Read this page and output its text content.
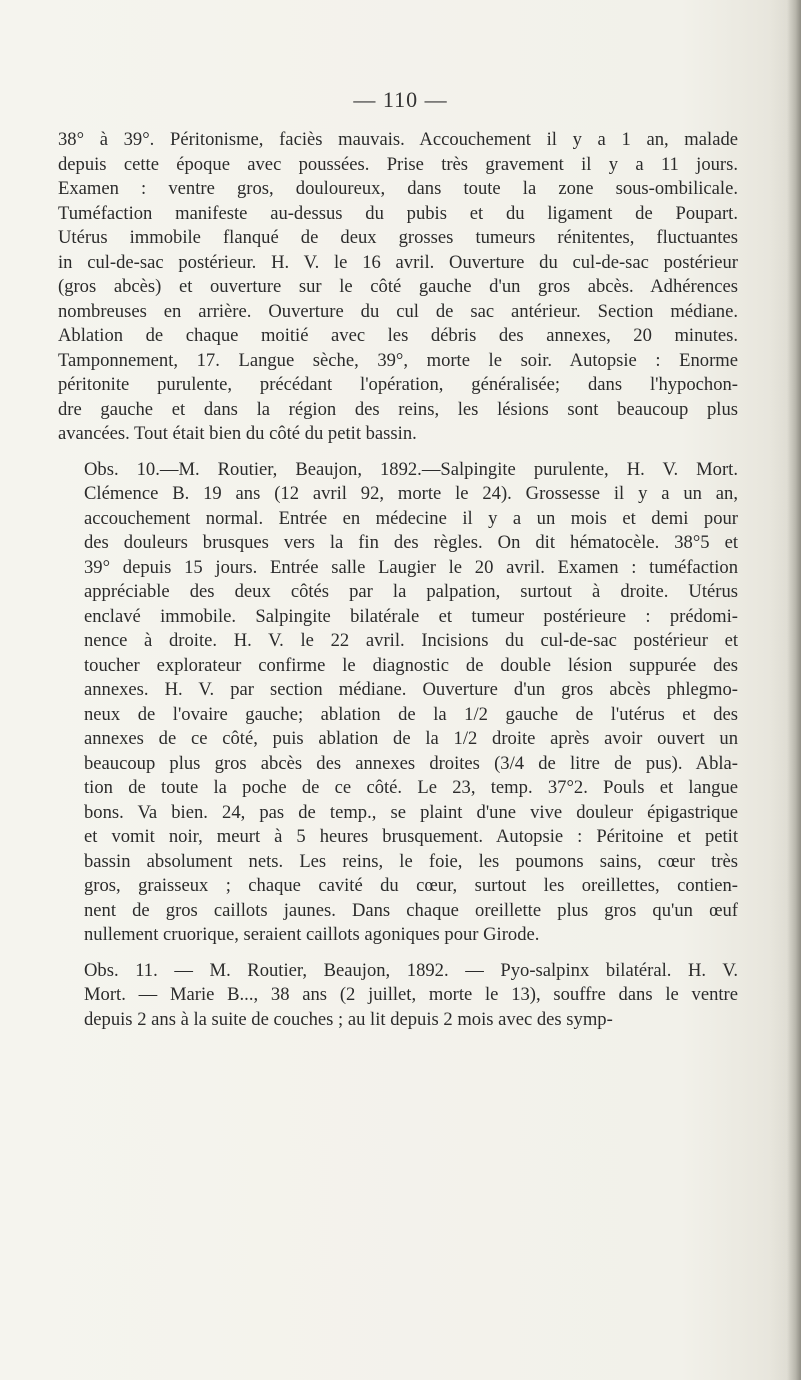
— 110 —
38° à 39°. Péritonisme, faciès mauvais. Accouchement il y a 1 an, malade
depuis cette époque avec poussées. Prise très gravement il y a 11 jours.
Examen : ventre gros, douloureux, dans toute la zone sous-ombilicale.
Tuméfaction manifeste au-dessus du pubis et du ligament de Poupart.
Utérus immobile flanqué de deux grosses tumeurs rénitentes, fluctuantes
in cul-de-sac postérieur. H. V. le 16 avril. Ouverture du cul-de-sac postérieur
(gros abcès) et ouverture sur le côté gauche d'un gros abcès. Adhérences
nombreuses en arrière. Ouverture du cul de sac antérieur. Section médiane.
Ablation de chaque moitié avec les débris des annexes, 20 minutes.
Tamponnement, 17. Langue sèche, 39°, morte le soir. Autopsie : Enorme
péritonite purulente, précédant l'opération, généralisée; dans l'hypochon-
dre gauche et dans la région des reins, les lésions sont beaucoup plus
avancées. Tout était bien du côté du petit bassin.
Obs. 10.—M. Routier, Beaujon, 1892.—Salpingite purulente, H. V. Mort.
Clémence B. 19 ans (12 avril 92, morte le 24). Grossesse il y a un an,
accouchement normal. Entrée en médecine il y a un mois et demi pour
des douleurs brusques vers la fin des règles. On dit hématocèle. 38°5 et
39° depuis 15 jours. Entrée salle Laugier le 20 avril. Examen : tuméfaction
appréciable des deux côtés par la palpation, surtout à droite. Utérus
enclavé immobile. Salpingite bilatérale et tumeur postérieure : prédomi-
nence à droite. H. V. le 22 avril. Incisions du cul-de-sac postérieur et
toucher explorateur confirme le diagnostic de double lésion suppurée des
annexes. H. V. par section médiane. Ouverture d'un gros abcès phlegmo-
neux de l'ovaire gauche; ablation de la 1/2 gauche de l'utérus et des
annexes de ce côté, puis ablation de la 1/2 droite après avoir ouvert un
beaucoup plus gros abcès des annexes droites (3/4 de litre de pus). Abla-
tion de toute la poche de ce côté. Le 23, temp. 37°2. Pouls et langue
bons. Va bien. 24, pas de temp., se plaint d'une vive douleur épigastrique
et vomit noir, meurt à 5 heures brusquement. Autopsie : Péritoine et petit
bassin absolument nets. Les reins, le foie, les poumons sains, cœur très
gros, graisseux ; chaque cavité du cœur, surtout les oreillettes, contien-
nent de gros caillots jaunes. Dans chaque oreillette plus gros qu'un œuf
nullement cruorique, seraient caillots agoniques pour Girode.
Obs. 11. — M. Routier, Beaujon, 1892. — Pyo-salpinx bilatéral. H. V.
Mort. — Marie B..., 38 ans (2 juillet, morte le 13), souffre dans le ventre
depuis 2 ans à la suite de couches ; au lit depuis 2 mois avec des symp-
